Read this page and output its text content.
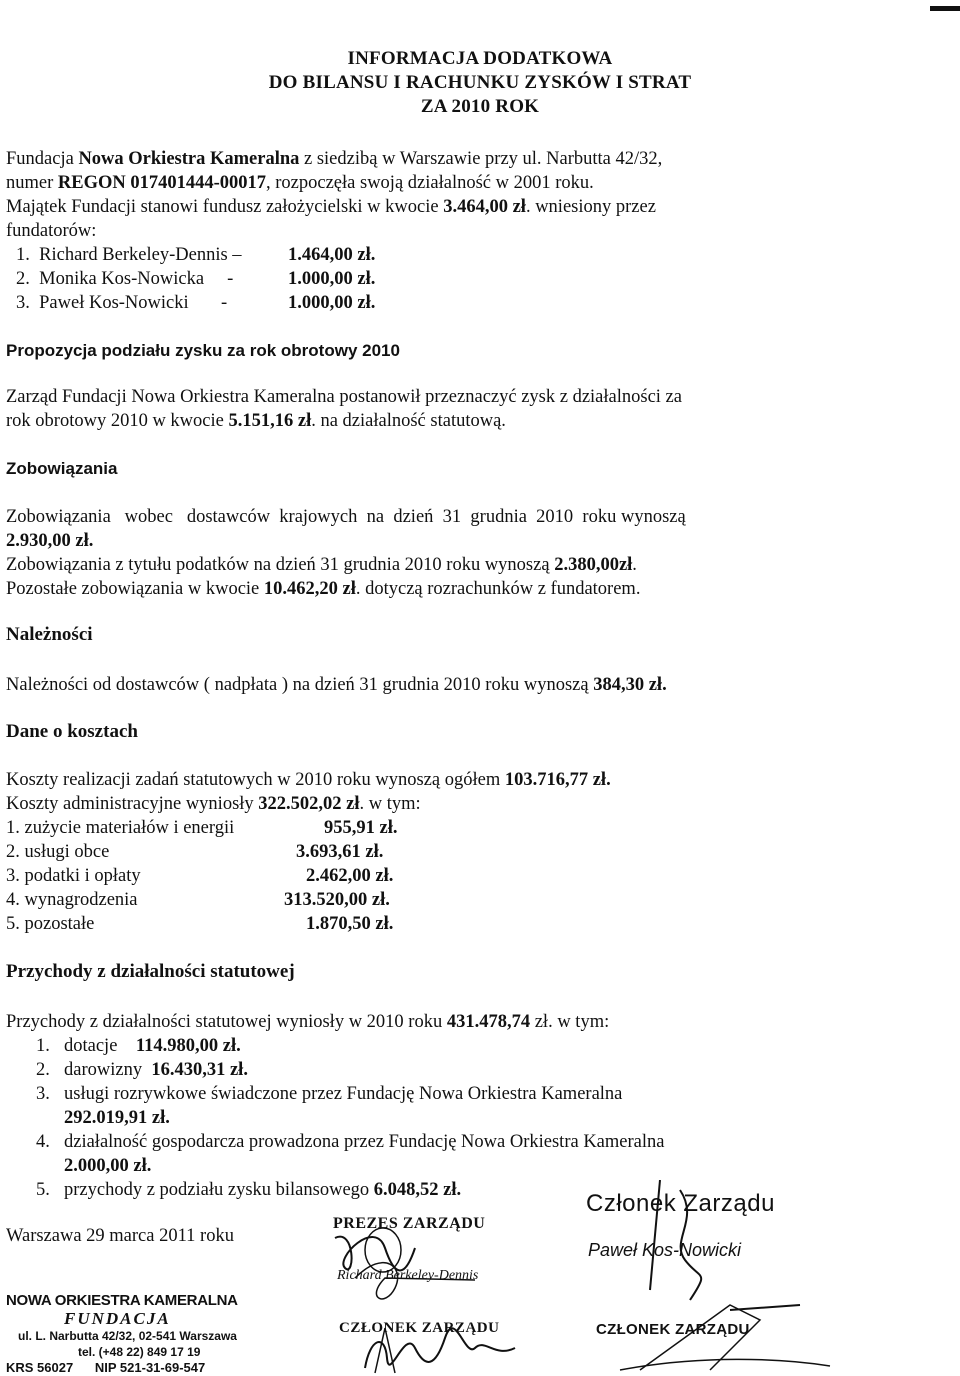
INFORMACJA DODATKOWA
DO BILANSU I RACHUNKU ZYSKÓW I STRAT
ZA 2010 ROK

Fundacja Nowa Orkiestra Kameralna z siedzibą w Warszawie przy ul. Narbutta 42/32,

numer REGON 017401444-00017, rozpoczęła swoją działalność w 2001 roku.

Majątek Fundacji stanowi fundusz założycielski w kwocie 3.464,00 zł. wniesiony przez

fundatorów:

1.  Richard Berkeley-Dennis –	1.464,00 zł.
2.  Monika Kos-Nowicka     -	1.000,00 zł.
3.  Paweł Kos-Nowicki       -	1.000,00 zł.

Propozycja podziału zysku za rok obrotowy 2010

Zarząd Fundacji Nowa Orkiestra Kameralna postanowił przeznaczyć zysk z działalności za

rok obrotowy 2010 w kwocie 5.151,16 zł. na działalność statutową.

Zobowiązania

Zobowiązania   wobec   dostawców  krajowych  na  dzień  31  grudnia  2010  roku wynoszą

2.930,00 zł.

Zobowiązania z tytułu podatków na dzień 31 grudnia 2010 roku wynoszą 2.380,00zł.

Pozostałe zobowiązania w kwocie 10.462,20 zł. dotyczą rozrachunków z fundatorem.

Należności

Należności od dostawców ( nadpłata ) na dzień 31 grudnia 2010 roku wynoszą 384,30 zł.

Dane o kosztach

Koszty realizacji zadań statutowych w 2010 roku wynoszą ogółem 103.716,77 zł.

Koszty administracyjne wyniosły 322.502,02 zł. w tym:

1. zużycie materiałów i energii	955,91 zł.
2. usługi obce	3.693,61 zł.
3. podatki i opłaty	2.462,00 zł.
4. wynagrodzenia	313.520,00 zł.
5. pozostałe	1.870,50 zł.

Przychody z działalności statutowej

Przychody z działalności statutowej wyniosły w 2010 roku 431.478,74 zł. w tym:

1. dotacje    114.980,00 zł.
2. darowizny  16.430,31 zł.
3. usługi rozrywkowe świadczone przez Fundację Nowa Orkiestra Kameralna
292.019,91 zł.
4. działalność gospodarcza prowadzona przez Fundację Nowa Orkiestra Kameralna
2.000,00 zł.
5. przychody z podziału zysku bilansowego 6.048,52 zł.

Warszawa 29 marca 2011 roku

NOWA ORKIESTRA KAMERALNA
FUNDACJA
ul. L. Narbutta 42/32, 02-541 Warszawa
tel. (+48 22) 849 17 19
KRS 56027      NIP 521-31-69-547
PREZES ZARZĄDU
Richard Berkeley-Dennis
CZŁONEK ZARZĄDU
Członek Zarządu
Paweł Kos-Nowicki
CZŁONEK ZARZĄDU
